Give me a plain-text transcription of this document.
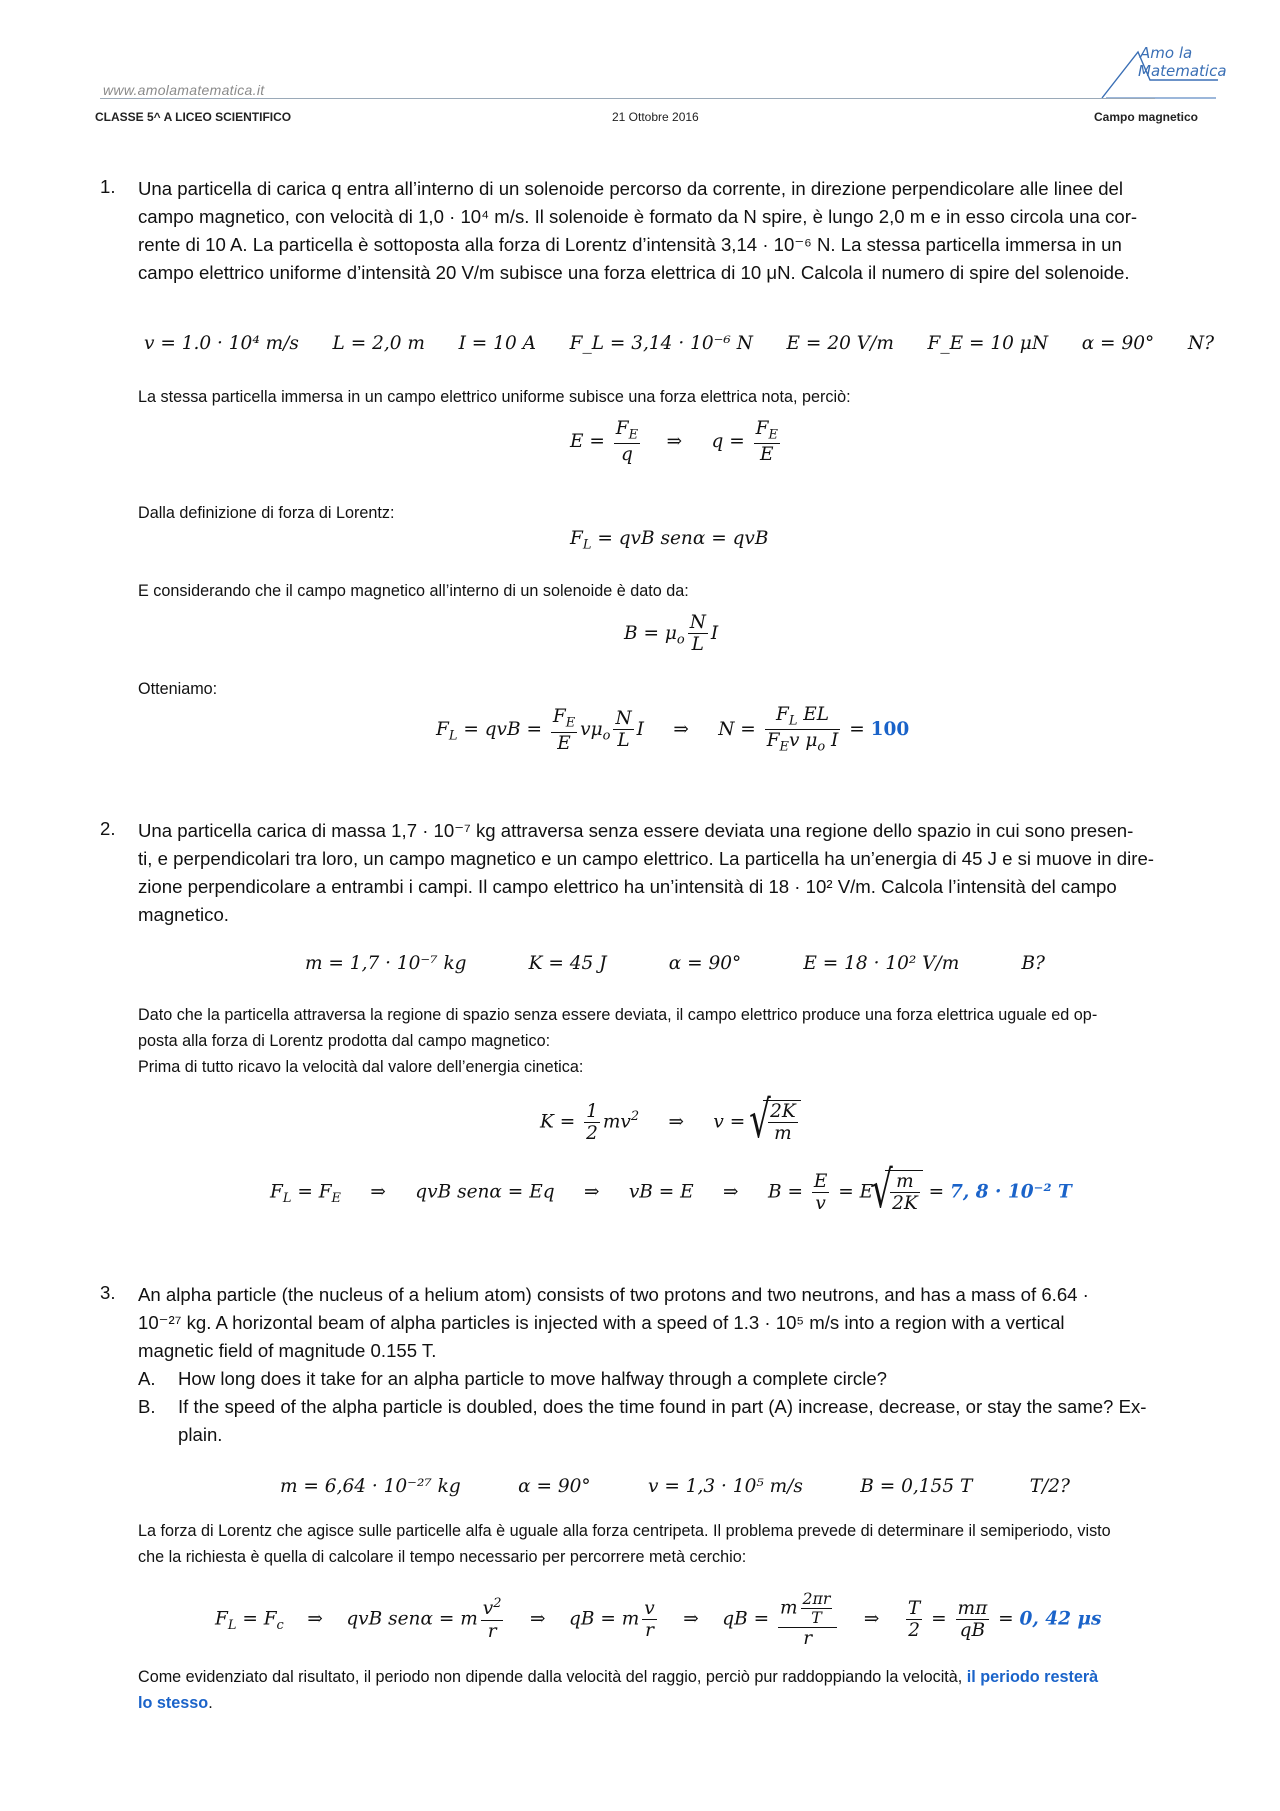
www.amolamatematica.it
Amo la
Matematica
CLASSE 5^ A LICEO SCIENTIFICO	21 Ottobre 2016	Campo magnetico
1. Una particella di carica q entra all’interno di un solenoide percorso da corrente, in direzione perpendicolare alle linee del
campo magnetico, con velocità di 1,0 · 10⁴ m/s. Il solenoide è formato da N spire, è lungo 2,0 m e in esso circola una cor-
rente di 10 A. La particella è sottoposta alla forza di Lorentz d’intensità 3,14 · 10⁻⁶ N. La stessa particella immersa in un
campo elettrico uniforme d’intensità 20 V/m subisce una forza elettrica di 10 μN. Calcola il numero di spire del solenoide.
v = 1.0 · 10⁴ m/s L = 2,0 m I = 10 A F_L = 3,14 · 10⁻⁶ N E = 20 V/m F_E = 10 μN α = 90° N?
La stessa particella immersa in un campo elettrico uniforme subisce una forza elettrica nota, perciò:
$E = \frac{F_E}{q}$ ⇒     $q = \frac{F_E}{E}$
Dalla definizione di forza di Lorentz:
$F_L$ = qvB senα = qvB
E considerando che il campo magnetico all’interno di un solenoide è dato da:
$B = \mu_o \frac{N}{L}$ I
Otteniamo:
$F_L$ = qvB = $\frac{F_E}{E} v\mu_o \frac{N}{L}$ I     ⇒     $N = \frac{F_L EL}{F_Ev \mu_o I} = 100$
2. Una particella carica di massa 1,7 · 10⁻⁷ kg attraversa senza essere deviata una regione dello spazio in cui sono presen-
ti, e perpendicolari tra loro, un campo magnetico e un campo elettrico. La particella ha un’energia di 45 J e si muove in dire-
zione perpendicolare a entrambi i campi. Il campo elettrico ha un’intensità di 18 · 10² V/m. Calcola l’intensità del campo
magnetico.
m = 1,7 · 10⁻⁷ kg	K = 45 J	α = 90°	E = 18 · 10² V/m	B?
Dato che la particella attraversa la regione di spazio senza essere deviata, il campo elettrico produce una forza elettrica uguale ed op-
posta alla forza di Lorentz prodotta dal campo magnetico:
Prima di tutto ricavo la velocità dal valore dell’energia cinetica:
$K = \frac{1}{2} mv^2$     ⇒     v = √ $\frac{2K}{m}$
$F_L = F_E$     ⇒     qvB senα = Eq     ⇒     vB = E     ⇒     $B = \frac{E}{v} = E$ √ $\frac{m}{2K} = 7$, 8 · 10⁻² T
3. An alpha particle (the nucleus of a helium atom) consists of two protons and two neutrons, and has a mass of 6.64 ·
10⁻²⁷ kg. A horizontal beam of alpha particles is injected with a speed of 1.3 · 10⁵ m/s into a region with a vertical
magnetic field of magnitude 0.155 T.
A. How long does it take for an alpha particle to move halfway through a complete circle?
B. If the speed of the alpha particle is doubled, does the time found in part (A) increase, decrease, or stay the same? Ex-
plain.
m = 6,64 · 10⁻²⁷ kg	α = 90°	v = 1,3 · 10⁵ m/s	B = 0,155 T	T/2?
La forza di Lorentz che agisce sulle particelle alfa è uguale alla forza centripeta. Il problema prevede di determinare il semiperiodo, visto
che la richiesta è quella di calcolare il tempo necessario per percorrere metà cerchio:
$F_L = F_c$    ⇒    qvB senα = m $\frac{v^2}{r}$ ⇒    qB = m $\frac{v}{r}$ ⇒    qB = $\frac{m \frac{2\pi r}{T}}{r}$ ⇒ $\frac{T}{2} = \frac{m\pi}{qB} = 0$, 42 μs
Come evidenziato dal risultato, il periodo non dipende dalla velocità del raggio, perciò pur raddoppiando la velocità, il periodo resterà
lo stesso.
